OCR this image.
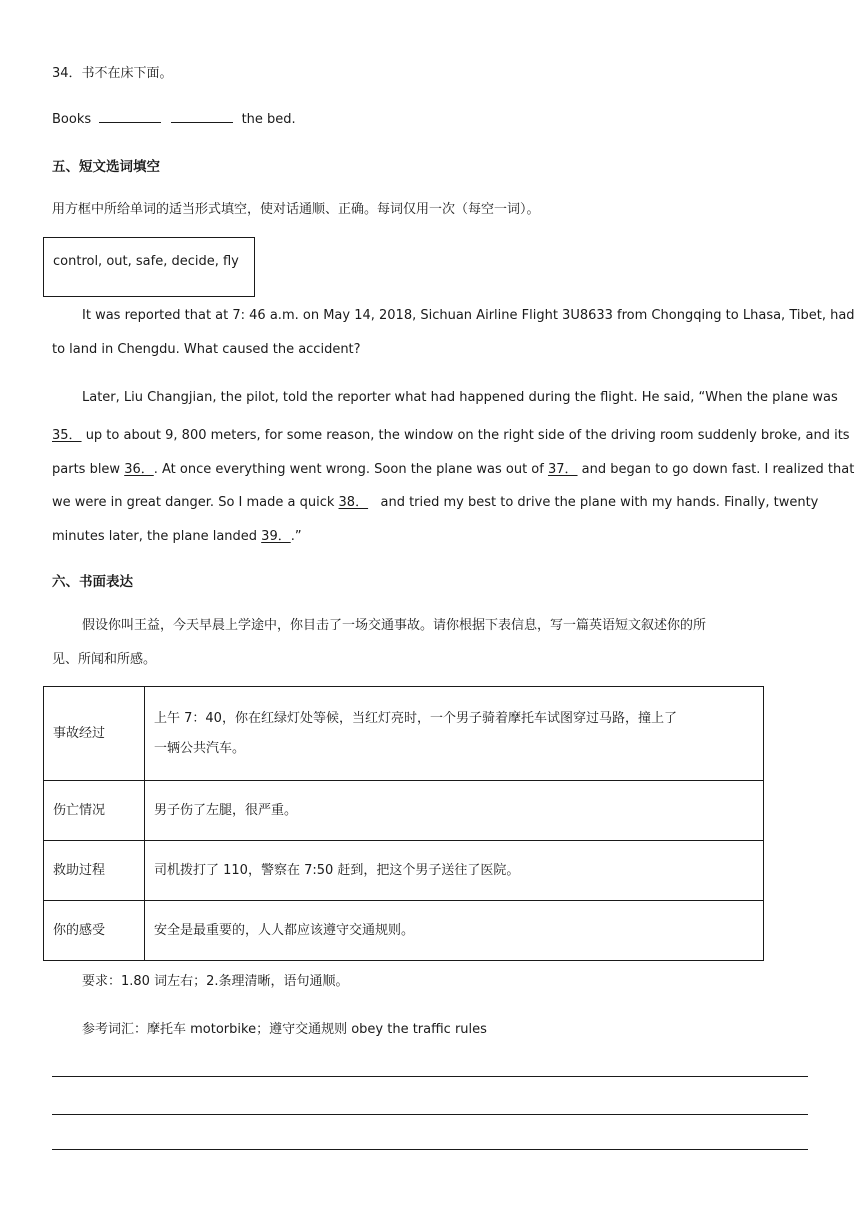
34．书不在床下面。
Books	the bed.
五、短文选词填空
用方框中所给单词的适当形式填空，使对话通顺、正确。每词仅用一次（每空一词）。
control, out, safe, decide, fly
It was reported that at 7: 46 a.m. on May 14, 2018, Sichuan Airline Flight 3U8633 from Chongqing to Lhasa, Tibet, had
to land in Chengdu. What caused the accident?
Later, Liu Changjian, the pilot, told the reporter what had happened during the flight. He said, “When the plane was
35． up to about 9, 800 meters, for some reason, the window on the right side of the driving room suddenly broke, and its
parts blew 36．. At once everything went wrong. Soon the plane was out of 37． and began to go down fast. I realized that
we were in great danger. So I made a quick 38． and tried my best to drive the plane with my hands. Finally, twenty
minutes later, the plane landed 39．.”
六、书面表达
假设你叫王益，今天早晨上学途中，你目击了一场交通事故。请你根据下表信息，写一篇英语短文叙述你的所
见、所闻和所感。
事故经过	上午 7：40，你在红绿灯处等候，当红灯亮时，一个男子骑着摩托车试图穿过马路，撞上了
一辆公共汽车。

伤亡情况	男子伤了左腿，很严重。
救助过程	司机拨打了 110，警察在 7:50 赶到，把这个男子送往了医院。
你的感受	安全是最重要的，人人都应该遵守交通规则。
要求：1.80 词左右；2.条理清晰，语句通顺。
参考词汇：摩托车 motorbike；遵守交通规则 obey the traffic rules
